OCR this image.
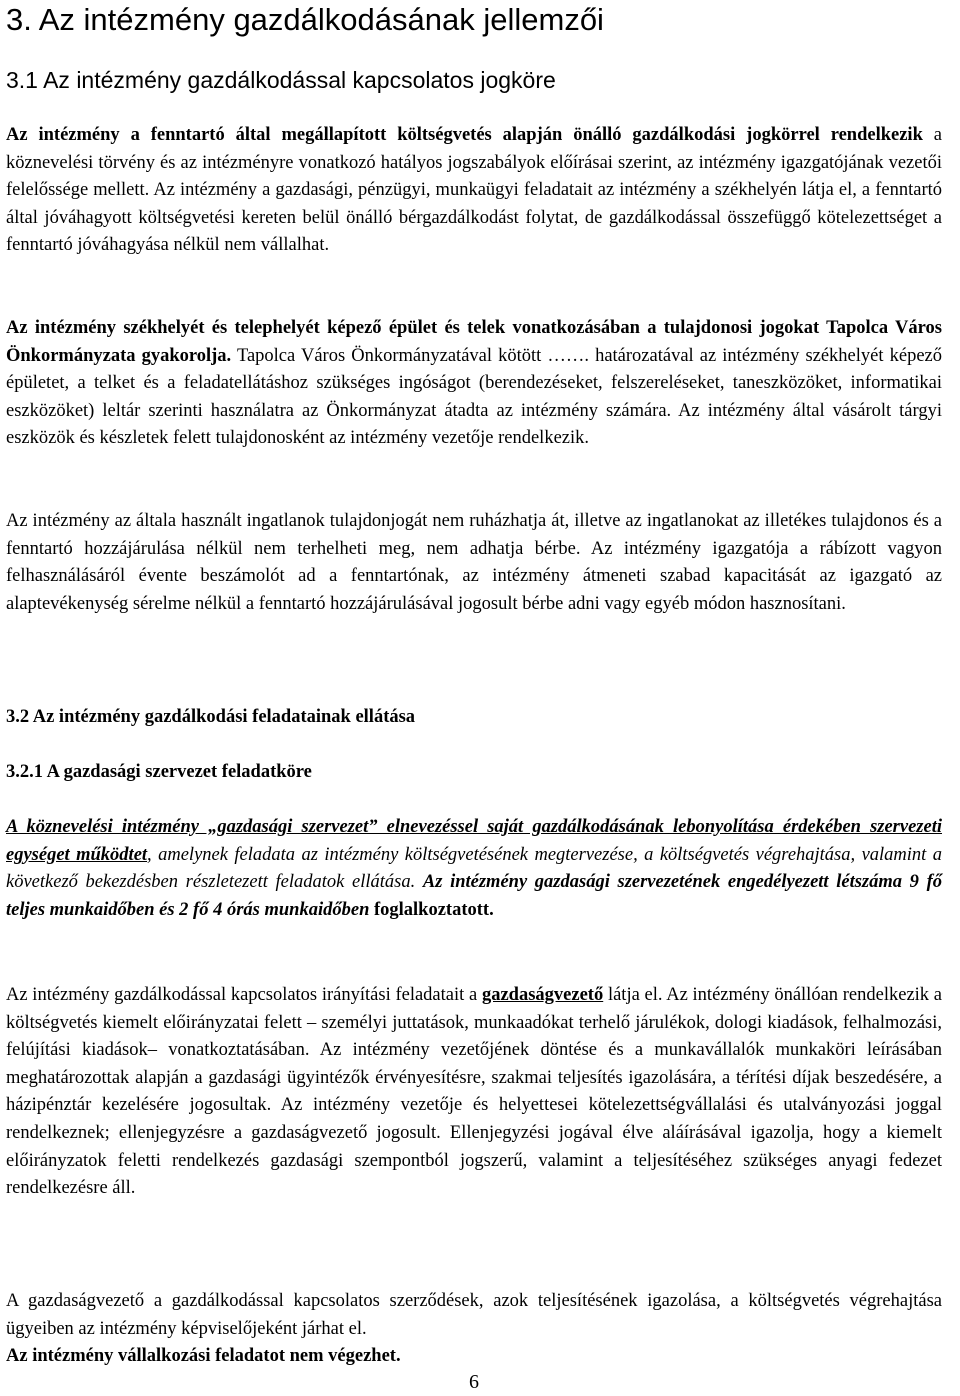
3. Az intézmény gazdálkodásának jellemzői
3.1 Az intézmény gazdálkodással kapcsolatos jogköre

Az intézmény a fenntartó által megállapított költségvetés alapján önálló gazdálkodási jogkörrel rendelkezik a köznevelési törvény és az intézményre vonatkozó hatályos jogszabályok előírásai szerint, az intézmény igazgatójának vezetői felelőssége mellett. Az intézmény a gazdasági, pénzügyi, munkaügyi feladatait az intézmény a székhelyén látja el, a fenntartó által jóváhagyott költségvetési kereten belül önálló bérgazdálkodást folytat, de gazdálkodással összefüggő kötelezettséget a fenntartó jóváhagyása nélkül nem vállalhat.

Az intézmény székhelyét és telephelyét képező épület és telek vonatkozásában a tulajdonosi jogokat Tapolca Város Önkormányzata gyakorolja. Tapolca Város Önkormányzatával kötött ……. határozatával az intézmény székhelyét képező épületet, a telket és a feladatellátáshoz szükséges ingóságot (berendezéseket, felszereléseket, taneszközöket, informatikai eszközöket) leltár szerinti használatra az Önkormányzat átadta az intézmény számára. Az intézmény által vásárolt tárgyi eszközök és készletek felett tulajdonosként az intézmény vezetője rendelkezik.

Az intézmény az általa használt ingatlanok tulajdonjogát nem ruházhatja át, illetve az ingatlanokat az illetékes tulajdonos és a fenntartó hozzájárulása nélkül nem terhelheti meg, nem adhatja bérbe. Az intézmény igazgatója a rábízott vagyon felhasználásáról évente beszámolót ad a fenntartónak, az intézmény átmeneti szabad kapacitását az igazgató az alaptevékenység sérelme nélkül a fenntartó hozzájárulásával jogosult bérbe adni vagy egyéb módon hasznosítani.

3.2 Az intézmény gazdálkodási feladatainak ellátása
3.2.1 A gazdasági szervezet feladatköre

A köznevelési intézmény „gazdasági szervezet” elnevezéssel saját gazdálkodásának lebonyolítása érdekében szervezeti egységet működtet, amelynek feladata az intézmény költségvetésének megtervezése, a költségvetés végrehajtása, valamint a következő bekezdésben részletezett feladatok ellátása. Az intézmény gazdasági szervezetének engedélyezett létszáma 9 fő teljes munkaidőben és 2 fő 4 órás munkaidőben foglalkoztatott.

Az intézmény gazdálkodással kapcsolatos irányítási feladatait a gazdaságvezető látja el. Az intézmény önállóan rendelkezik a költségvetés kiemelt előirányzatai felett – személyi juttatások, munkaadókat terhelő járulékok, dologi kiadások, felhalmozási, felújítási kiadások– vonatkoztatásában. Az intézmény vezetőjének döntése és a munkavállalók munkaköri leírásában meghatározottak alapján a gazdasági ügyintézők érvényesítésre, szakmai teljesítés igazolására, a térítési díjak beszedésére, a házipénztár kezelésére jogosultak. Az intézmény vezetője és helyettesei kötelezettségvállalási és utalványozási joggal rendelkeznek; ellenjegyzésre a gazdaságvezető jogosult. Ellenjegyzési jogával élve aláírásával igazolja, hogy a kiemelt előirányzatok feletti rendelkezés gazdasági szempontból jogszerű, valamint a teljesítéséhez szükséges anyagi fedezet rendelkezésre áll.

A gazdaságvezető a gazdálkodással kapcsolatos szerződések, azok teljesítésének igazolása, a költségvetés végrehajtása ügyeiben az intézmény képviselőjeként járhat el.

Az intézmény vállalkozási feladatot nem végezhet.

6
